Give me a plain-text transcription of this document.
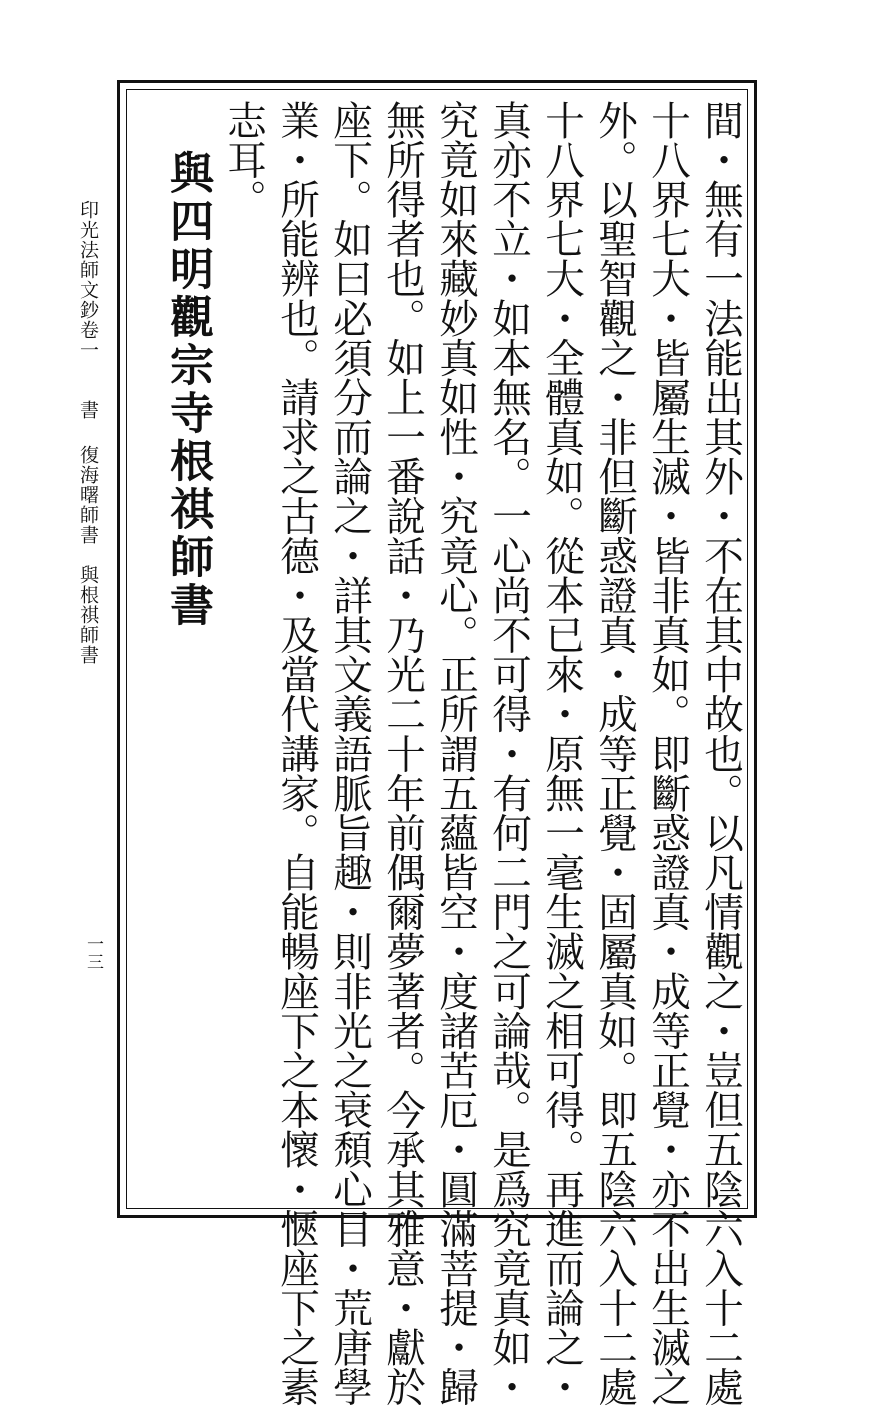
間・無有一法能出其外・不在其中故也。以凡情觀之・豈但五陰六入十二處
十八界七大・皆屬生滅・皆非真如。即斷惑證真・成等正覺・亦不出生滅之
外。以聖智觀之・非但斷惑證真・成等正覺・固屬真如。即五陰六入十二處
十八界七大・全體真如。從本已來・原無一毫生滅之相可得。再進而論之・
真亦不立・如本無名。一心尚不可得・有何二門之可論哉。是爲究竟真如・
究竟如來藏妙真如性・究竟心。正所謂五蘊皆空・度諸苦厄・圓滿菩提・歸
無所得者也。如上一番說話・乃光二十年前偶爾夢著者。今承其雅意・獻於
座下。如曰必須分而論之・詳其文義語脈旨趣・則非光之衰頹心目・荒唐學
業・所能辨也。請求之古德・及當代講家。自能暢座下之本懷・愜座下之素
志耳。
與四明觀宗寺根祺師書
印光法師文鈔卷一
書
復海曙師書　與根祺師書
一三
